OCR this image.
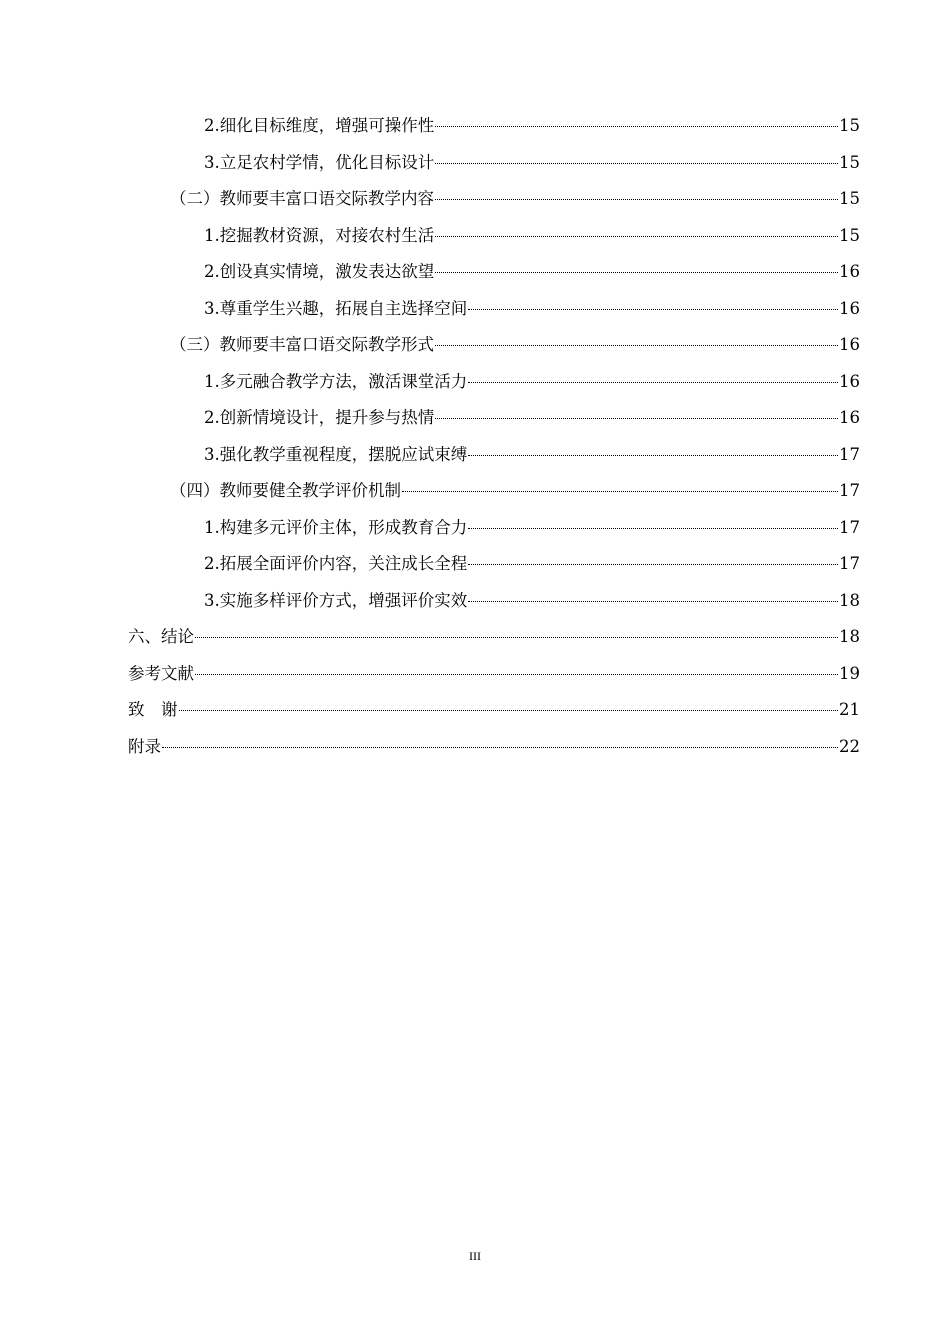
2.细化目标维度，增强可操作性	15
3.立足农村学情，优化目标设计	15
（二）教师要丰富口语交际教学内容	15
1.挖掘教材资源，对接农村生活	15
2.创设真实情境，激发表达欲望	16
3.尊重学生兴趣，拓展自主选择空间	16
（三）教师要丰富口语交际教学形式	16
1.多元融合教学方法，激活课堂活力	16
2.创新情境设计，提升参与热情	16
3.强化教学重视程度，摆脱应试束缚	17
（四）教师要健全教学评价机制	17
1.构建多元评价主体，形成教育合力	17
2.拓展全面评价内容，关注成长全程	17
3.实施多样评价方式，增强评价实效	18
六、结论	18
参考文献	19
致　谢	21
附录	22
III
